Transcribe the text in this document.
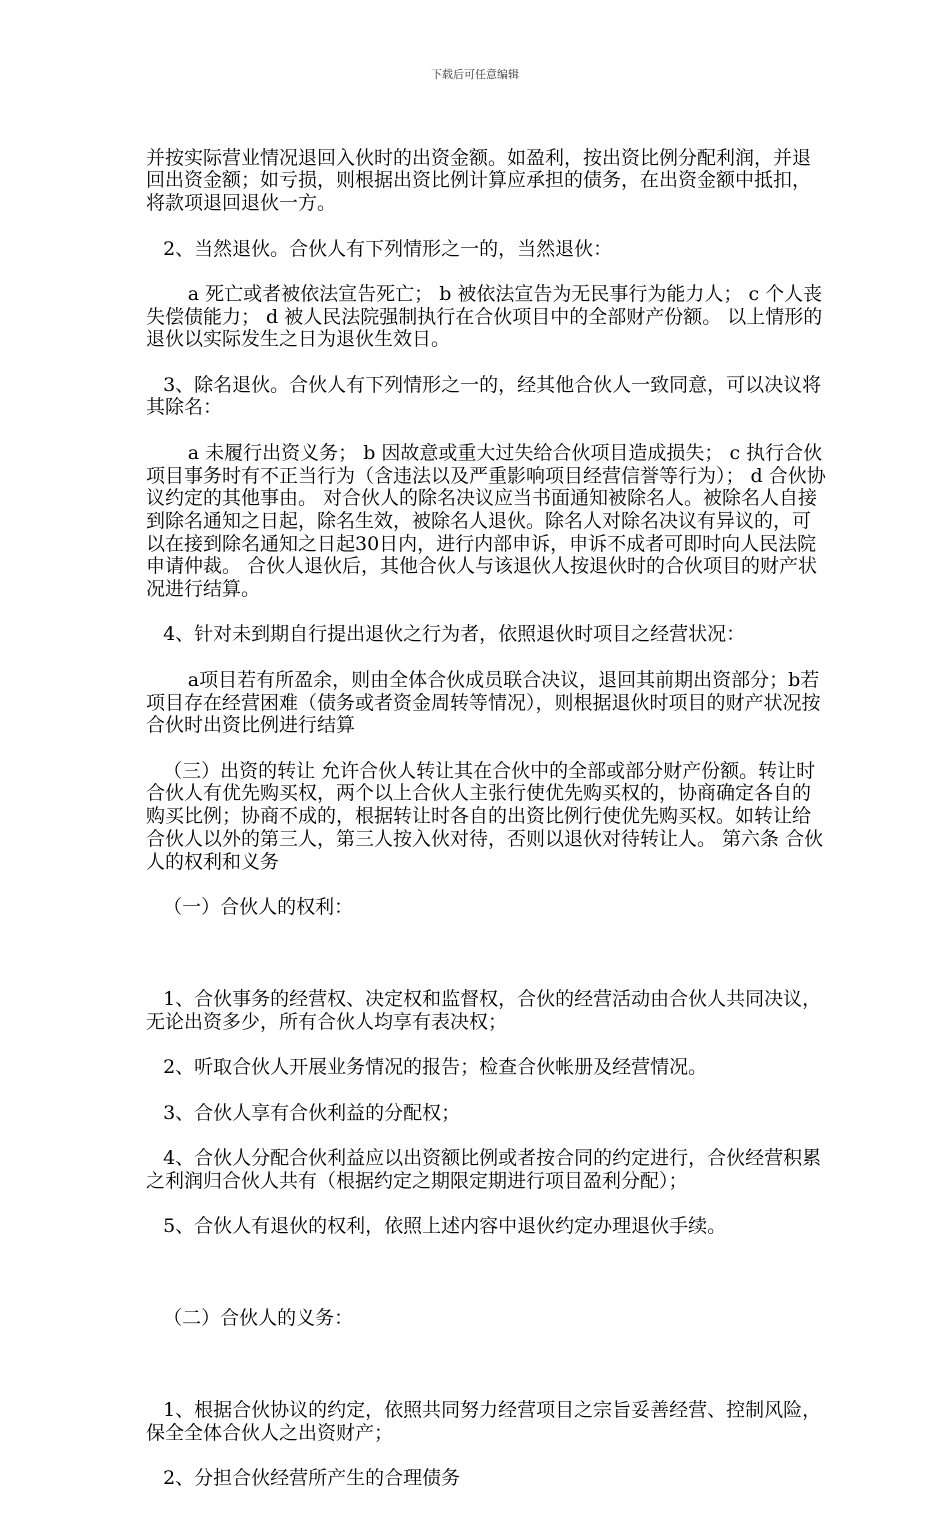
下载后可任意编辑

并按实际营业情况退回入伙时的出资金额。如盈利，按出资比例分配利润，并退回出资金额；如亏损，则根据出资比例计算应承担的债务，在出资金额中抵扣，将款项退回退伙一方。

2、当然退伙。合伙人有下列情形之一的，当然退伙：

a 死亡或者被依法宣告死亡； b 被依法宣告为无民事行为能力人； c 个人丧失偿债能力； d 被人民法院强制执行在合伙项目中的全部财产份额。 以上情形的退伙以实际发生之日为退伙生效日。

3、除名退伙。合伙人有下列情形之一的，经其他合伙人一致同意，可以决议将其除名：

a 未履行出资义务； b 因故意或重大过失给合伙项目造成损失； c 执行合伙项目事务时有不正当行为（含违法以及严重影响项目经营信誉等行为）； d 合伙协议约定的其他事由。 对合伙人的除名决议应当书面通知被除名人。被除名人自接到除名通知之日起，除名生效，被除名人退伙。除名人对除名决议有异议的，可以在接到除名通知之日起30日内，进行内部申诉，申诉不成者可即时向人民法院申请仲裁。 合伙人退伙后，其他合伙人与该退伙人按退伙时的合伙项目的财产状况进行结算。

4、针对未到期自行提出退伙之行为者，依照退伙时项目之经营状况：

a项目若有所盈余，则由全体合伙成员联合决议，退回其前期出资部分；b若项目存在经营困难（债务或者资金周转等情况），则根据退伙时项目的财产状况按合伙时出资比例进行结算

（三）出资的转让 允许合伙人转让其在合伙中的全部或部分财产份额。转让时合伙人有优先购买权，两个以上合伙人主张行使优先购买权的，协商确定各自的购买比例；协商不成的，根据转让时各自的出资比例行使优先购买权。如转让给合伙人以外的第三人，第三人按入伙对待，否则以退伙对待转让人。 第六条 合伙人的权利和义务

（一）合伙人的权利：

1、合伙事务的经营权、决定权和监督权，合伙的经营活动由合伙人共同决议，无论出资多少，所有合伙人均享有表决权；

2、听取合伙人开展业务情况的报告；检查合伙帐册及经营情况。

3、合伙人享有合伙利益的分配权；

4、合伙人分配合伙利益应以出资额比例或者按合同的约定进行，合伙经营积累之利润归合伙人共有（根据约定之期限定期进行项目盈利分配）；

5、合伙人有退伙的权利，依照上述内容中退伙约定办理退伙手续。

（二）合伙人的义务：

1、根据合伙协议的约定，依照共同努力经营项目之宗旨妥善经营、控制风险，保全全体合伙人之出资财产；

2、分担合伙经营所产生的合理债务
